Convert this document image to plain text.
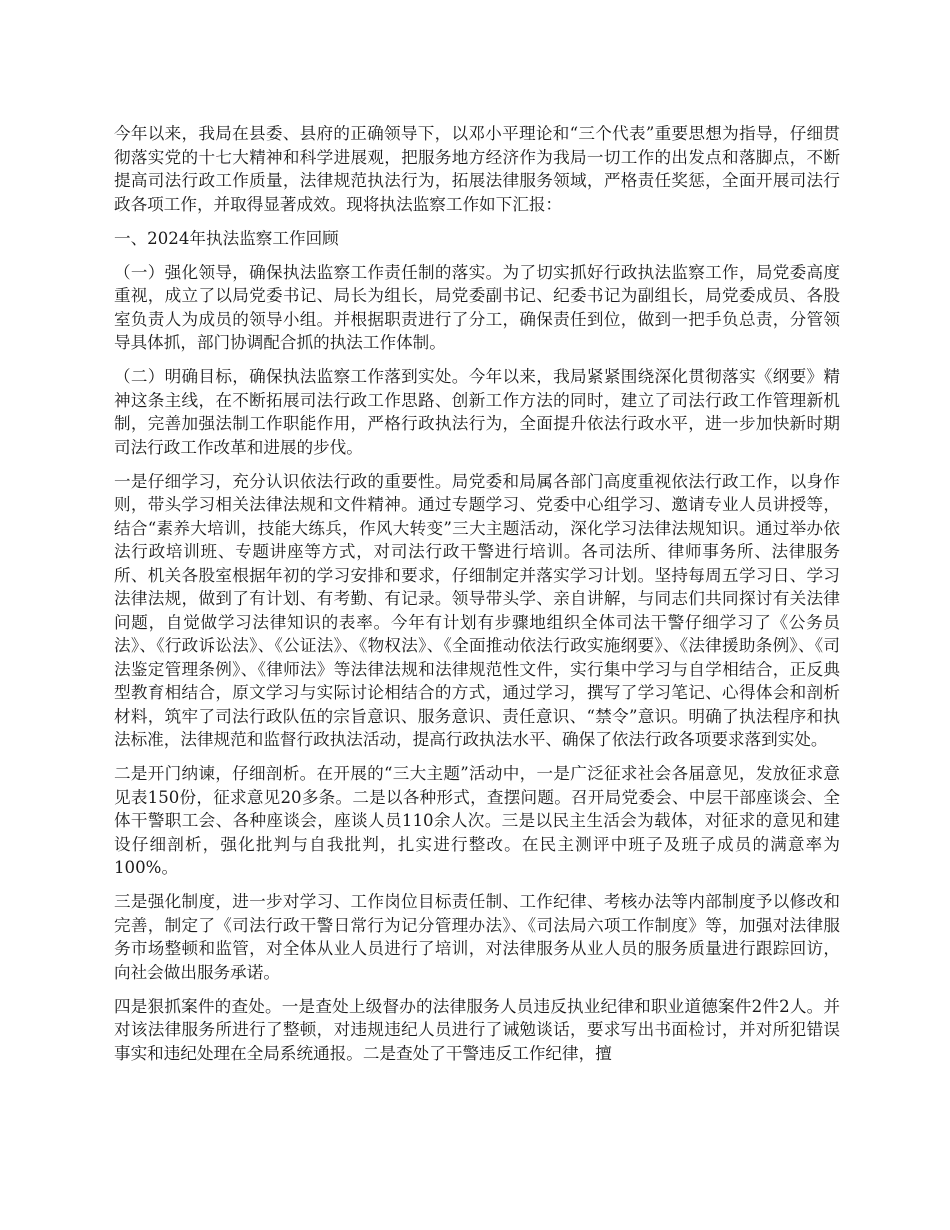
今年以来，我局在县委、县府的正确领导下，以邓小平理论和“三个代表”重要思想为指导，仔细贯彻落实党的十七大精神和科学进展观，把服务地方经济作为我局一切工作的出发点和落脚点，不断提高司法行政工作质量，法律规范执法行为，拓展法律服务领域，严格责任奖惩，全面开展司法行政各项工作，并取得显著成效。现将执法监察工作如下汇报：

一、2024年执法监察工作回顾

（一）强化领导，确保执法监察工作责任制的落实。为了切实抓好行政执法监察工作，局党委高度重视，成立了以局党委书记、局长为组长，局党委副书记、纪委书记为副组长，局党委成员、各股室负责人为成员的领导小组。并根据职责进行了分工，确保责任到位，做到一把手负总责，分管领导具体抓，部门协调配合抓的执法工作体制。

（二）明确目标，确保执法监察工作落到实处。今年以来，我局紧紧围绕深化贯彻落实《纲要》精神这条主线，在不断拓展司法行政工作思路、创新工作方法的同时，建立了司法行政工作管理新机制，完善加强法制工作职能作用，严格行政执法行为，全面提升依法行政水平，进一步加快新时期司法行政工作改革和进展的步伐。

一是仔细学习，充分认识依法行政的重要性。局党委和局属各部门高度重视依法行政工作，以身作则，带头学习相关法律法规和文件精神。通过专题学习、党委中心组学习、邀请专业人员讲授等，结合“素养大培训，技能大练兵，作风大转变”三大主题活动，深化学习法律法规知识。通过举办依法行政培训班、专题讲座等方式，对司法行政干警进行培训。各司法所、律师事务所、法律服务所、机关各股室根据年初的学习安排和要求，仔细制定并落实学习计划。坚持每周五学习日、学习法律法规，做到了有计划、有考勤、有记录。领导带头学、亲自讲解，与同志们共同探讨有关法律问题，自觉做学习法律知识的表率。今年有计划有步骤地组织全体司法干警仔细学习了《公务员法》、《行政诉讼法》、《公证法》、《物权法》、《全面推动依法行政实施纲要》、《法律援助条例》、《司法鉴定管理条例》、《律师法》等法律法规和法律规范性文件，实行集中学习与自学相结合，正反典型教育相结合，原文学习与实际讨论相结合的方式，通过学习，撰写了学习笔记、心得体会和剖析材料，筑牢了司法行政队伍的宗旨意识、服务意识、责任意识、“禁令”意识。明确了执法程序和执法标准，法律规范和监督行政执法活动，提高行政执法水平、确保了依法行政各项要求落到实处。

二是开门纳谏，仔细剖析。在开展的“三大主题”活动中，一是广泛征求社会各届意见，发放征求意见表150份，征求意见20多条。二是以各种形式，查摆问题。召开局党委会、中层干部座谈会、全体干警职工会、各种座谈会，座谈人员110余人次。三是以民主生活会为载体，对征求的意见和建设仔细剖析，强化批判与自我批判，扎实进行整改。在民主测评中班子及班子成员的满意率为100%。

三是强化制度，进一步对学习、工作岗位目标责任制、工作纪律、考核办法等内部制度予以修改和完善，制定了《司法行政干警日常行为记分管理办法》、《司法局六项工作制度》等，加强对法律服务市场整顿和监管，对全体从业人员进行了培训，对法律服务从业人员的服务质量进行跟踪回访，向社会做出服务承诺。

四是狠抓案件的查处。一是查处上级督办的法律服务人员违反执业纪律和职业道德案件2件2人。并对该法律服务所进行了整顿，对违规违纪人员进行了诫勉谈话，要求写出书面检讨，并对所犯错误事实和违纪处理在全局系统通报。二是查处了干警违反工作纪律，擅
